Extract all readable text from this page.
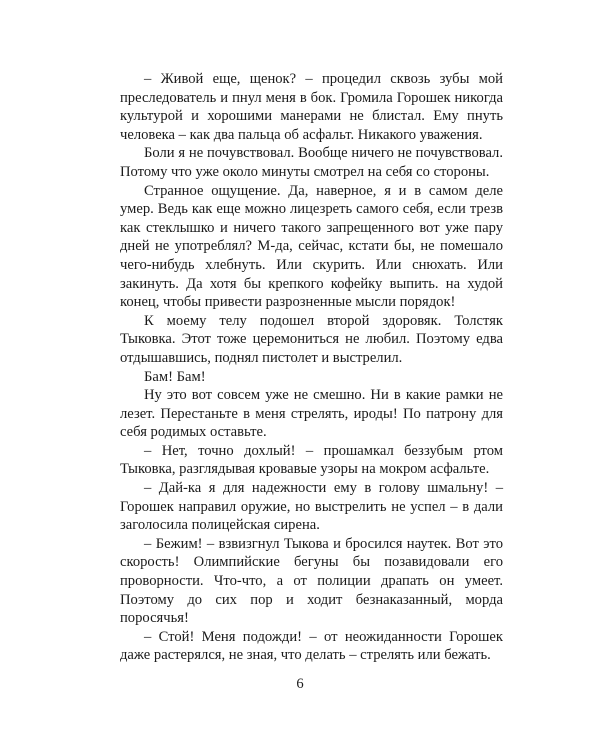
– Живой еще, щенок? – процедил сквозь зубы мой преследователь и пнул меня в бок. Громила Горошек никогда культурой и хорошими манерами не блистал. Ему пнуть человека – как два пальца об асфальт. Никакого уважения.

Боли я не почувствовал. Вообще ничего не почувствовал. Потому что уже около минуты смотрел на себя со стороны.

Странное ощущение. Да, наверное, я и в самом деле умер. Ведь как еще можно лицезреть самого себя, если трезв как стеклышко и ничего такого запрещенного вот уже пару дней не употреблял? М-да, сейчас, кстати бы, не помешало чего-нибудь хлебнуть. Или скурить. Или снюхать. Или закинуть. Да хотя бы крепкого кофейку выпить. на худой конец, чтобы привести разрозненные мысли порядок!

К моему телу подошел второй здоровяк. Толстяк Тыковка. Этот тоже церемониться не любил. Поэтому едва отдышавшись, поднял пистолет и выстрелил.

Бам! Бам!

Ну это вот совсем уже не смешно. Ни в какие рамки не лезет. Перестаньте в меня стрелять, ироды! По патрону для себя родимых оставьте.

– Нет, точно дохлый! – прошамкал беззубым ртом Тыковка, разглядывая кровавые узоры на мокром асфальте.

– Дай-ка я для надежности ему в голову шмальну! – Горошек направил оружие, но выстрелить не успел – в дали заголосила полицейская сирена.

– Бежим! – взвизгнул Тыкова и бросился наутек. Вот это скорость! Олимпийские бегуны бы позавидовали его проворности. Что-что, а от полиции драпать он умеет. Поэтому до сих пор и ходит безнаказанный, морда поросячья!

– Стой! Меня подожди! – от неожиданности Горошек даже растерялся, не зная, что делать – стрелять или бежать.

6
